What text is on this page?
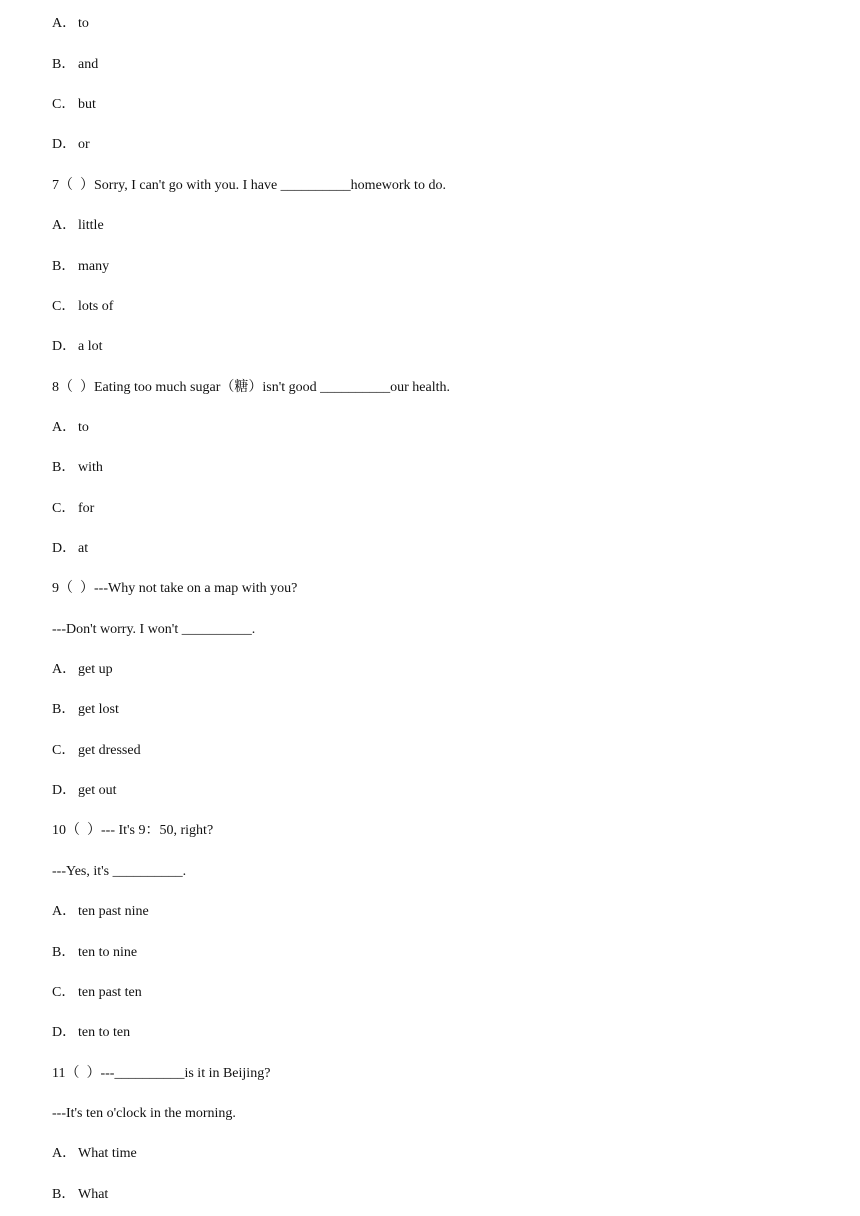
A． to
B． and
C． but
D． or
7（  ）Sorry, I can't go with you. I have __________homework to do.
A． little
B． many
C． lots of
D． a lot
8（  ）Eating too much sugar（糖）isn't good __________our health.
A． to
B． with
C． for
D． at
9（  ）---Why not take on a map with you?
---Don't worry. I won't __________.
A． get up
B． get lost
C． get dressed
D． get out
10（  ）--- It's 9：50, right?
---Yes, it's __________.
A． ten past nine
B． ten to nine
C． ten past ten
D． ten to ten
11（  ）---__________is it in Beijing?
---It's ten o'clock in the morning.
A． What time
B． What
